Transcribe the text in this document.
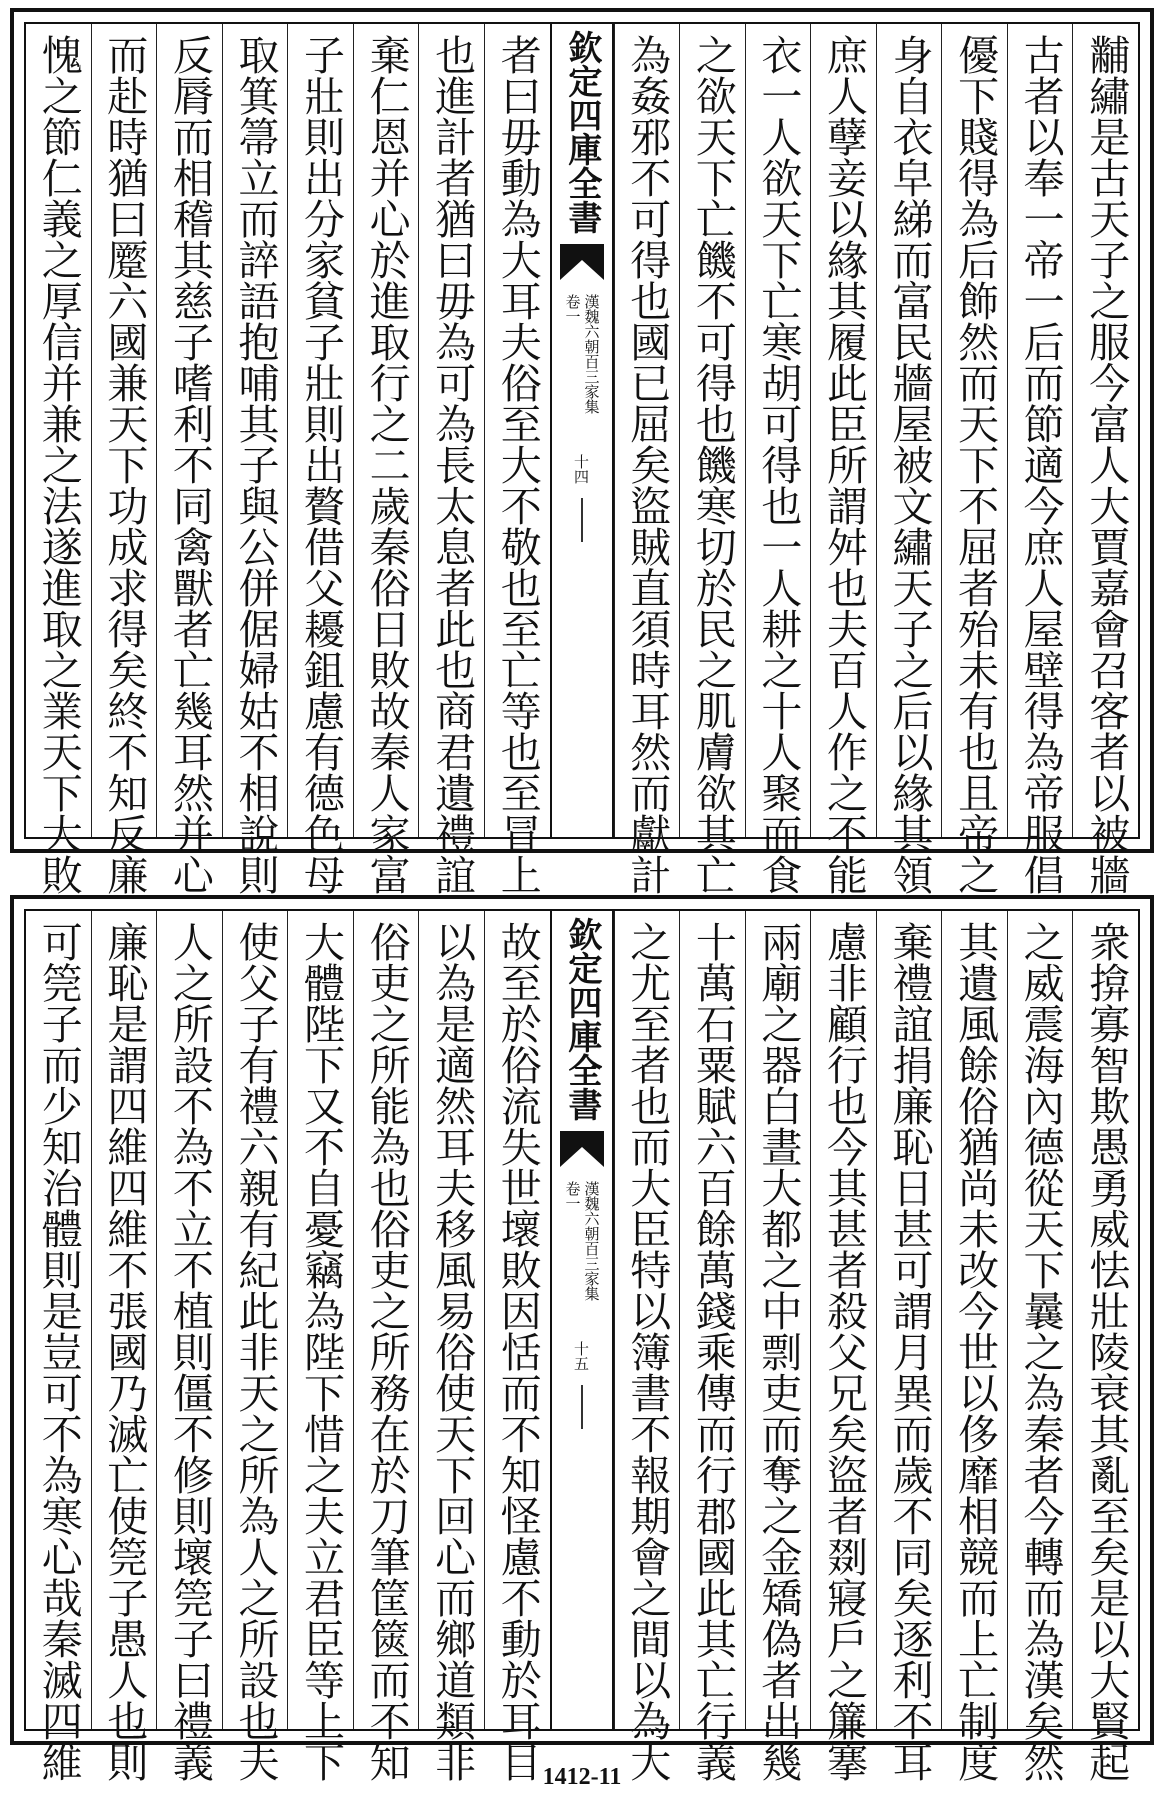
黼
繡
是
古
天
子
之
服
今
富
人
大
賈
嘉
會
召
客
者
以
被
牆
古
者
以
奉
一
帝
一
后
而
節
適
今
庶
人
屋
壁
得
為
帝
服
倡
優
下
賤
得
為
后
飾
然
而
天
下
不
屈
者
殆
未
有
也
且
帝
之
身
自
衣
皁
綈
而
富
民
牆
屋
被
文
繡
天
子
之
后
以
緣
其
領
庶
人
孽
妾
以
緣
其
履
此
臣
所
謂
舛
也
夫
百
人
作
之
不
能
衣
一
人
欲
天
下
亡
寒
胡
可
得
也
一
人
耕
之
十
人
聚
而
食
之
欲
天
下
亡
饑
不
可
得
也
饑
寒
切
於
民
之
肌
膚
欲
其
亡
為
姦
邪
不
可
得
也
國
已
屈
矣
盜
賊
直
須
時
耳
然
而
獻
計
欽定四庫全書
漢魏六朝百三家集
卷一
十四
者
曰
毋
動
為
大
耳
夫
俗
至
大
不
敬
也
至
亡
等
也
至
冒
上
也
進
計
者
猶
曰
毋
為
可
為
長
太
息
者
此
也
商
君
遺
禮
誼
棄
仁
恩
并
心
於
進
取
行
之
二
歲
秦
俗
日
敗
故
秦
人
家
富
子
壯
則
出
分
家
貧
子
壯
則
出
贅
借
父
耰
鉏
慮
有
德
色
母
取
箕
箒
立
而
誶
語
抱
哺
其
子
與
公
併
倨
婦
姑
不
相
說
則
反
脣
而
相
稽
其
慈
子
嗜
利
不
同
禽
獸
者
亡
幾
耳
然
并
心
而
赴
時
猶
曰
蹷
六
國
兼
天
下
功
成
求
得
矣
終
不
知
反
廉
愧
之
節
仁
義
之
厚
信
并
兼
之
法
遂
進
取
之
業
天
下
大
敗
衆
揜
寡
智
欺
愚
勇
威
怯
壯
陵
衰
其
亂
至
矣
是
以
大
賢
起
之
威
震
海
內
德
從
天
下
曩
之
為
秦
者
今
轉
而
為
漢
矣
然
其
遺
風
餘
俗
猶
尚
未
改
今
世
以
侈
靡
相
競
而
上
亡
制
度
棄
禮
誼
捐
廉
恥
日
甚
可
謂
月
異
而
歲
不
同
矣
逐
利
不
耳
慮
非
顧
行
也
今
其
甚
者
殺
父
兄
矣
盜
者
剟
寢
戶
之
簾
搴
兩
廟
之
器
白
晝
大
都
之
中
剽
吏
而
奪
之
金
矯
偽
者
出
幾
十
萬
石
粟
賦
六
百
餘
萬
錢
乘
傳
而
行
郡
國
此
其
亡
行
義
之
尤
至
者
也
而
大
臣
特
以
簿
書
不
報
期
會
之
間
以
為
大
欽定四庫全書
漢魏六朝百三家集
卷一
十五
故
至
於
俗
流
失
世
壞
敗
因
恬
而
不
知
怪
慮
不
動
於
耳
目
以
為
是
適
然
耳
夫
移
風
易
俗
使
天
下
回
心
而
鄉
道
類
非
俗
吏
之
所
能
為
也
俗
吏
之
所
務
在
於
刀
筆
筐
篋
而
不
知
大
體
陛
下
又
不
自
憂
竊
為
陛
下
惜
之
夫
立
君
臣
等
上
下
使
父
子
有
禮
六
親
有
紀
此
非
天
之
所
為
人
之
所
設
也
夫
人
之
所
設
不
為
不
立
不
植
則
僵
不
修
則
壞
筦
子
曰
禮
義
廉
恥
是
謂
四
維
四
維
不
張
國
乃
滅
亡
使
筦
子
愚
人
也
則
可
筦
子
而
少
知
治
體
則
是
豈
可
不
為
寒
心
哉
秦
滅
四
維	1412-11
